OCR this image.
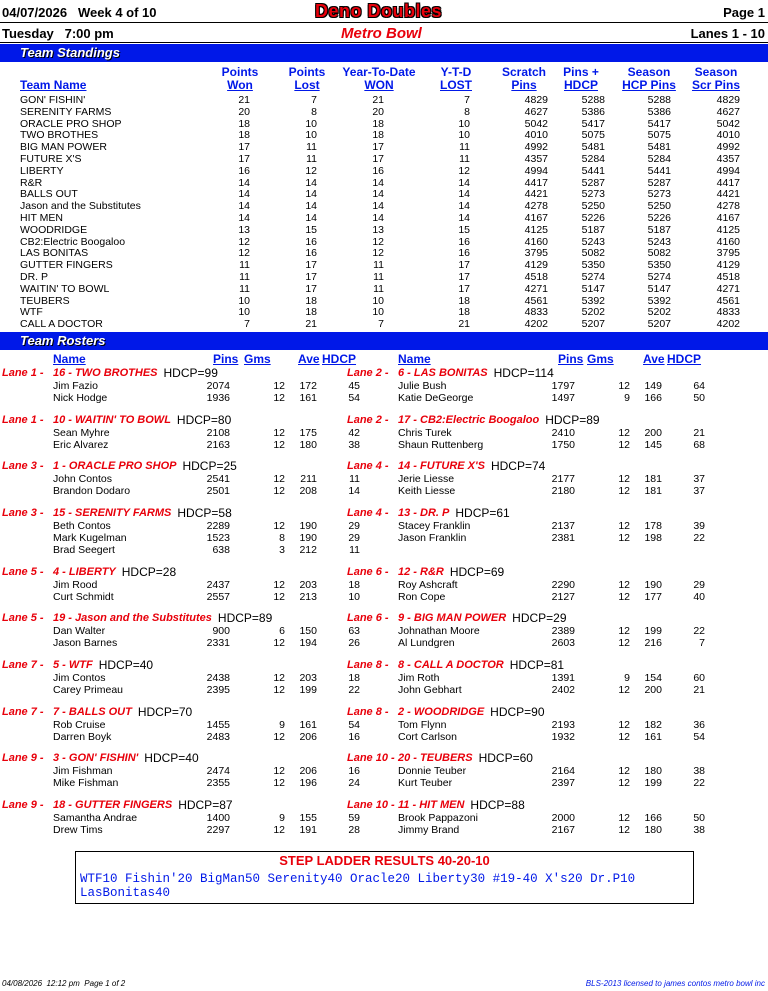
04/07/2026 Week 4 of 10	Deno Doubles	Page 1
Tuesday   7:00 pm	Metro Bowl	Lanes 1 - 10
Team Standings
Team Name
Points
Won
Points
Lost
Year-To-Date
WON
Y-T-D
LOST
Scratch
Pins
Pins +
HDCP
Season
HCP Pins
Season
Scr Pins
GON' FISHIN'	21	7	21	7	4829	5288	5288	4829
SERENITY FARMS	20	8	20	8	4627	5386	5386	4627
ORACLE PRO SHOP	18	10	18	10	5042	5417	5417	5042
TWO BROTHES	18	10	18	10	4010	5075	5075	4010
BIG MAN POWER	17	11	17	11	4992	5481	5481	4992
FUTURE X'S	17	11	17	11	4357	5284	5284	4357
LIBERTY	16	12	16	12	4994	5441	5441	4994
R&R	14	14	14	14	4417	5287	5287	4417
BALLS OUT	14	14	14	14	4421	5273	5273	4421
Jason and the Substitutes	14	14	14	14	4278	5250	5250	4278
HIT MEN	14	14	14	14	4167	5226	5226	4167
WOODRIDGE	13	15	13	15	4125	5187	5187	4125
CB2:Electric Boogaloo	12	16	12	16	4160	5243	5243	4160
LAS BONITAS	12	16	12	16	3795	5082	5082	3795
GUTTER FINGERS	11	17	11	17	4129	5350	5350	4129
DR. P	11	17	11	17	4518	5274	5274	4518
WAITIN' TO BOWL	11	17	11	17	4271	5147	5147	4271
TEUBERS	10	18	10	18	4561	5392	5392	4561
WTF	10	18	10	18	4833	5202	5202	4833
CALL A DOCTOR	7	21	7	21	4202	5207	5207	4202
Team Rosters
Name	Pins Gms Ave HDCP	Name	Pins Gms Ave HDCP
Lane 1 - 16 - TWO BROTHES HDCP=99
Jim Fazio	2074	12	172	45
Nick Hodge	1936	12	161	54
Lane 1 - 10 - WAITIN' TO BOWL HDCP=80
Sean Myhre	2108	12	175	42
Eric Alvarez	2163	12	180	38
Lane 3 - 1 - ORACLE PRO SHOP HDCP=25
John Contos	2541	12	211	11
Brandon Dodaro	2501	12	208	14
Lane 3 - 15 - SERENITY FARMS HDCP=58
Beth Contos	2289	12	190	29
Mark Kugelman	1523	8	190	29
Brad Seegert	638	3	212	11
Lane 5 - 4 - LIBERTY HDCP=28
Jim Rood	2437	12	203	18
Curt Schmidt	2557	12	213	10
Lane 5 - 19 - Jason and the Substitutes HDCP=89
Dan Walter	900	6	150	63
Jason Barnes	2331	12	194	26
Lane 7 - 5 - WTF HDCP=40
Jim Contos	2438	12	203	18
Carey Primeau	2395	12	199	22
Lane 7 - 7 - BALLS OUT HDCP=70
Rob Cruise	1455	9	161	54
Darren Boyk	2483	12	206	16
Lane 9 - 3 - GON' FISHIN' HDCP=40
Jim Fishman	2474	12	206	16
Mike Fishman	2355	12	196	24
Lane 9 - 18 - GUTTER FINGERS HDCP=87
Samantha Andrae	1400	9	155	59
Drew Tims	2297	12	191	28
Lane 2 - 6 - LAS BONITAS HDCP=114
Julie Bush	1797	12	149	64
Katie DeGeorge	1497	9	166	50
Lane 2 - 17 - CB2:Electric Boogaloo HDCP=89
Chris Turek	2410	12	200	21
Shaun Ruttenberg	1750	12	145	68
Lane 4 - 14 - FUTURE X'S HDCP=74
Jerie Liesse	2177	12	181	37
Keith Liesse	2180	12	181	37
Lane 4 - 13 - DR. P HDCP=61
Stacey Franklin	2137	12	178	39
Jason Franklin	2381	12	198	22
Lane 6 - 12 - R&R HDCP=69
Roy Ashcraft	2290	12	190	29
Ron Cope	2127	12	177	40
Lane 6 - 9 - BIG MAN POWER HDCP=29
Johnathan Moore	2389	12	199	22
Al Lundgren	2603	12	216	7
Lane 8 - 8 - CALL A DOCTOR HDCP=81
Jim Roth	1391	9	154	60
John Gebhart	2402	12	200	21
Lane 8 - 2 - WOODRIDGE HDCP=90
Tom Flynn	2193	12	182	36
Cort Carlson	1932	12	161	54
Lane 10 - 20 - TEUBERS HDCP=60
Donnie Teuber	2164	12	180	38
Kurt Teuber	2397	12	199	22
Lane 10 - 11 - HIT MEN HDCP=88
Brook Pappazoni	2000	12	166	50
Jimmy Brand	2167	12	180	38
STEP LADDER RESULTS 40-20-10
WTF10 Fishin'20 BigMan50 Serenity40 Oracle20 Liberty30 #19-40 X's20 Dr.P10 LasBonitas40
04/08/2026  12:12 pm  Page 1 of 2	BLS-2013 licensed to james contos metro bowl inc
